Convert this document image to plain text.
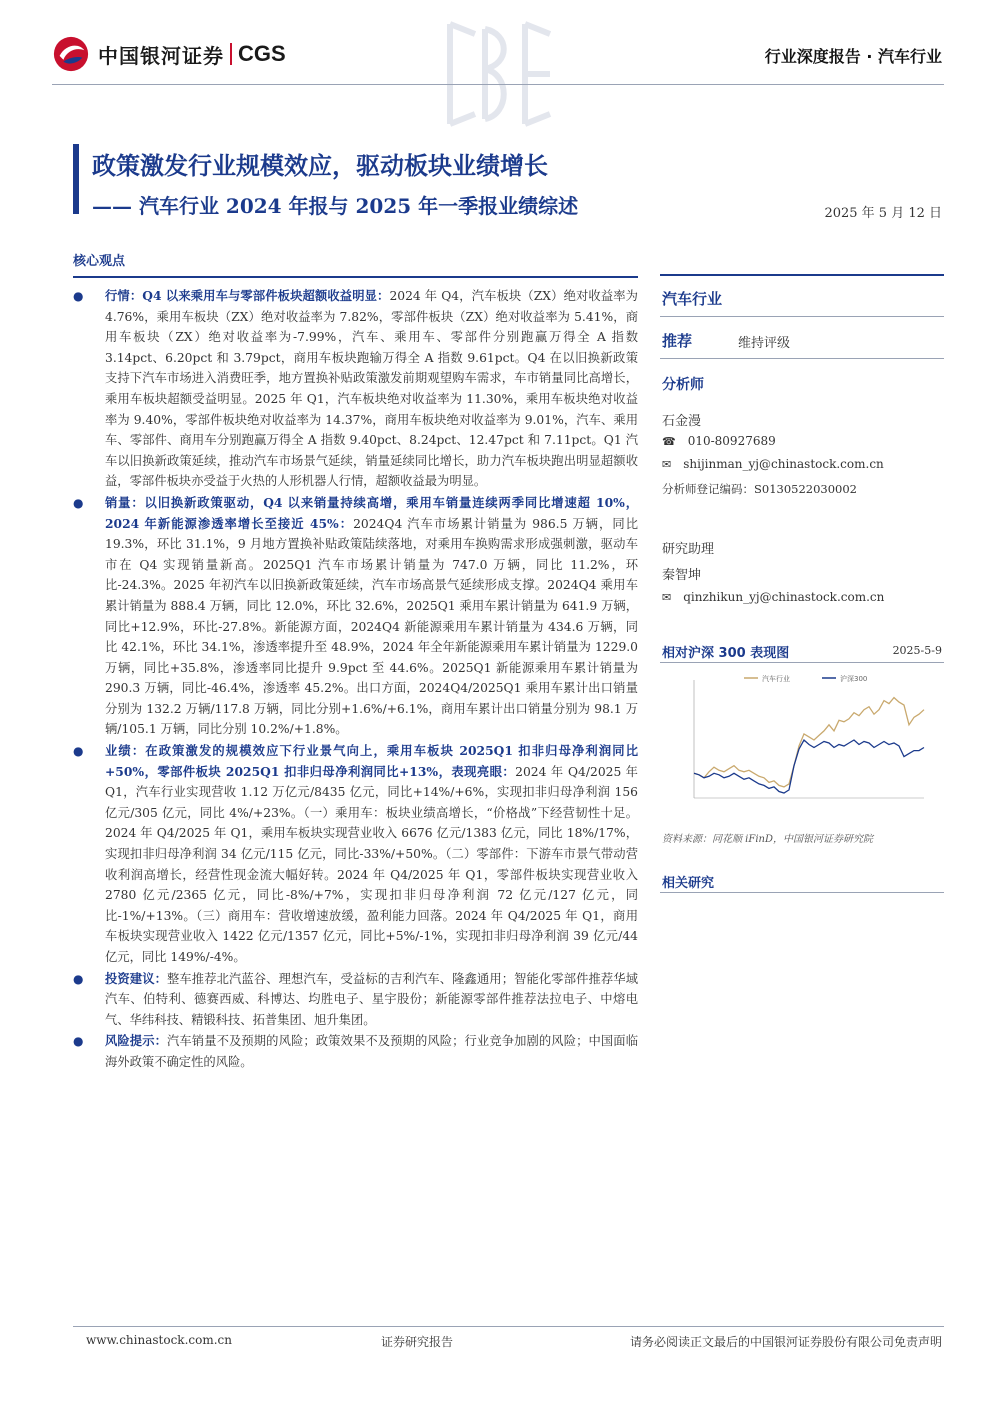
中国银河证券 CGS	行业深度报告 · 汽车行业
政策激发行业规模效应，驱动板块业绩增长
—— 汽车行业 2024 年报与 2025 年一季报业绩综述	2025 年 5 月 12 日
核心观点
● 行情：Q4 以来乘用车与零部件板块超额收益明显：2024 年 Q4，汽车板块（ZX）绝对收益率为 4.76%，乘用车板块（ZX）绝对收益率为 7.82%，零部件板块（ZX）绝对收益率为 5.41%，商用车板块（ZX）绝对收益率为-7.99%，汽车、乘用车、零部件分别跑赢万得全 A 指数 3.14pct、6.20pct 和 3.79pct，商用车板块跑输万得全 A 指数 9.61pct。Q4 在以旧换新政策支持下汽车市场进入消费旺季，地方置换补贴政策激发前期观望购车需求，车市销量同比高增长，乘用车板块超额受益明显。2025 年 Q1，汽车板块绝对收益率为 11.30%，乘用车板块绝对收益率为 9.40%，零部件板块绝对收益率为 14.37%，商用车板块绝对收益率为 9.01%，汽车、乘用车、零部件、商用车分别跑赢万得全 A 指数 9.40pct、8.24pct、12.47pct 和 7.11pct。Q1 汽车以旧换新政策延续，推动汽车市场景气延续，销量延续同比增长，助力汽车板块跑出明显超额收益，零部件板块亦受益于火热的人形机器人行情，超额收益最为明显。
● 销量：以旧换新政策驱动，Q4 以来销量持续高增，乘用车销量连续两季同比增速超 10%，2024 年新能源渗透率增长至接近 45%：2024Q4 汽车市场累计销量为 986.5 万辆，同比 19.3%，环比 31.1%，9 月地方置换补贴政策陆续落地，对乘用车换购需求形成强刺激，驱动车市在 Q4 实现销量新高。2025Q1 汽车市场累计销量为 747.0 万辆，同比 11.2%，环比-24.3%。2025 年初汽车以旧换新政策延续，汽车市场高景气延续形成支撑。2024Q4 乘用车累计销量为 888.4 万辆，同比 12.0%，环比 32.6%，2025Q1 乘用车累计销量为 641.9 万辆，同比+12.9%，环比-27.8%。新能源方面，2024Q4 新能源乘用车累计销量为 434.6 万辆，同比 42.1%，环比 34.1%，渗透率提升至 48.9%，2024 年全年新能源乘用车累计销量为 1229.0 万辆，同比+35.8%，渗透率同比提升 9.9pct 至 44.6%。2025Q1 新能源乘用车累计销量为 290.3 万辆，同比-46.4%，渗透率 45.2%。出口方面，2024Q4/2025Q1 乘用车累计出口销量分别为 132.2 万辆/117.8 万辆，同比分别+1.6%/+6.1%，商用车累计出口销量分别为 98.1 万辆/105.1 万辆，同比分别 10.2%/+1.8%。
● 业绩：在政策激发的规模效应下行业景气向上，乘用车板块 2025Q1 扣非归母净利润同比+50%，零部件板块 2025Q1 扣非归母净利润同比+13%，表现亮眼：2024 年 Q4/2025 年 Q1，汽车行业实现营收 1.12 万亿元/8435 亿元，同比+14%/+6%，实现扣非归母净利润 156 亿元/305 亿元，同比 4%/+23%。（一）乘用车：板块业绩高增长，“价格战”下经营韧性十足。2024 年 Q4/2025 年 Q1，乘用车板块实现营业收入 6676 亿元/1383 亿元，同比 18%/17%，实现扣非归母净利润 34 亿元/115 亿元，同比-33%/+50%。（二）零部件：下游车市景气带动营收利润高增长，经营性现金流大幅好转。2024 年 Q4/2025 年 Q1，零部件板块实现营业收入 2780 亿元/2365 亿元，同比-8%/+7%，实现扣非归母净利润 72 亿元/127 亿元，同比-1%/+13%。（三）商用车：营收增速放缓，盈利能力回落。2024 年 Q4/2025 年 Q1，商用车板块实现营业收入 1422 亿元/1357 亿元，同比+5%/-1%，实现扣非归母净利润 39 亿元/44 亿元，同比 149%/-4%。
● 投资建议：整车推荐北汽蓝谷、理想汽车，受益标的吉利汽车、隆鑫通用；智能化零部件推荐华域汽车、伯特利、德赛西威、科博达、均胜电子、星宇股份；新能源零部件推荐法拉电子、中熔电气、华纬科技、精锻科技、拓普集团、旭升集团。
● 风险提示：汽车销量不及预期的风险；政策效果不及预期的风险；行业竞争加剧的风险；中国面临海外政策不确定性的风险。
汽车行业
推荐	维持评级
分析师
石金漫
☎ 010-80927689
✉ shijinman_yj@chinastock.com.cn
分析师登记编码：S0130522030002
研究助理
秦智坤
✉ qinzhikun_yj@chinastock.com.cn
相对沪深 300 表现图	2025-5-9
汽车行业	沪深300
资料来源：同花顺 iFinD，中国银河证券研究院
相关研究
www.chinastock.com.cn	证券研究报告	请务必阅读正文最后的中国银河证券股份有限公司免责声明
